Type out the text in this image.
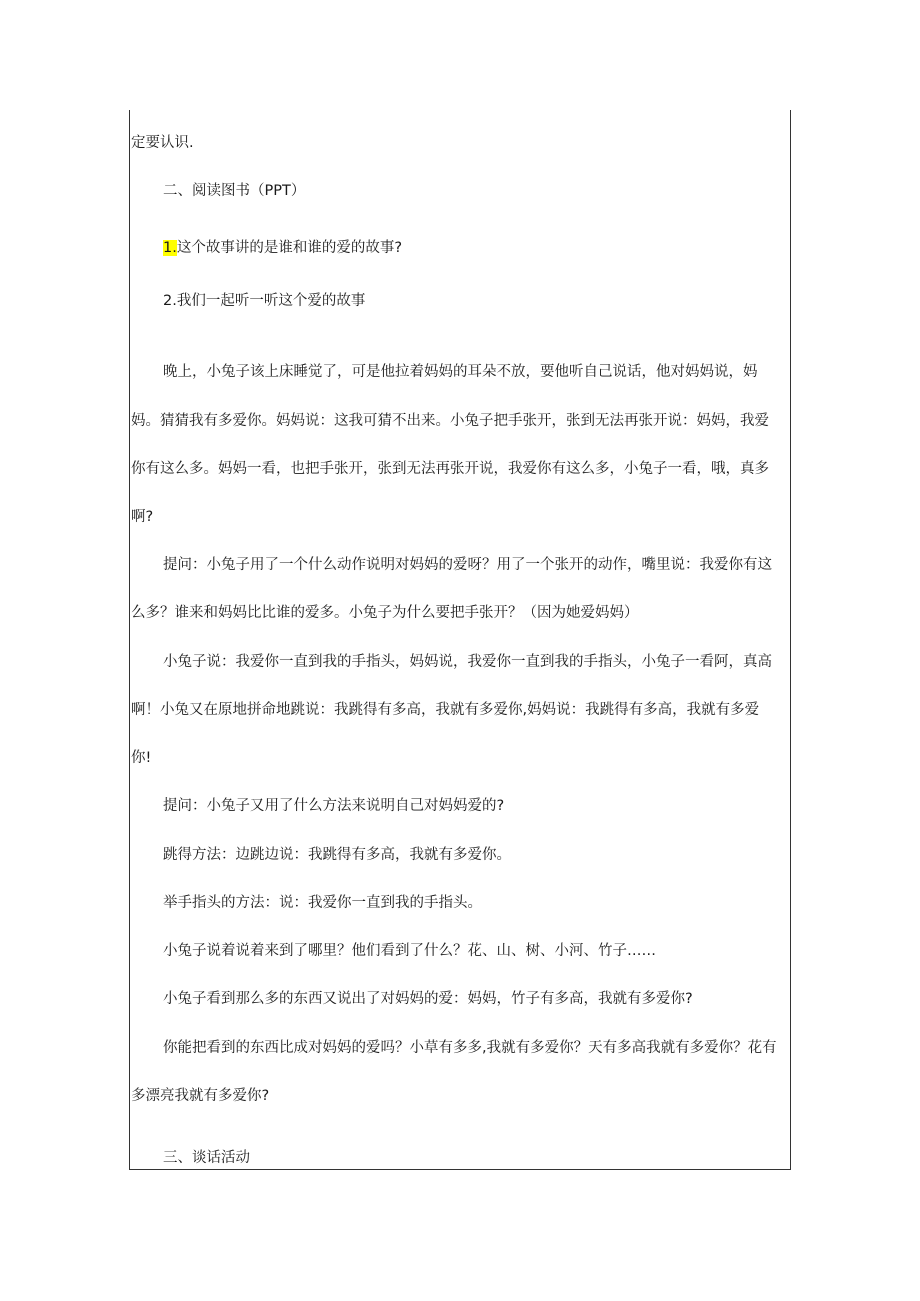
定要认识.
二、阅读图书（PPT）
1.这个故事讲的是谁和谁的爱的故事?
2.我们一起听一听这个爱的故事
晚上，小兔子该上床睡觉了，可是他拉着妈妈的耳朵不放，要他听自己说话，他对妈妈说，妈
妈。猜猜我有多爱你。妈妈说：这我可猜不出来。小兔子把手张开，张到无法再张开说：妈妈，我爱
你有这么多。妈妈一看，也把手张开，张到无法再张开说，我爱你有这么多，小兔子一看，哦，真多
啊?
提问：小兔子用了一个什么动作说明对妈妈的爱呀？用了一个张开的动作，嘴里说：我爱你有这
么多？谁来和妈妈比比谁的爱多。小兔子为什么要把手张开？（因为她爱妈妈）
小兔子说：我爱你一直到我的手指头，妈妈说，我爱你一直到我的手指头，小兔子一看阿，真高
啊！小兔又在原地拼命地跳说：我跳得有多高，我就有多爱你,妈妈说：我跳得有多高，我就有多爱
你!
提问：小兔子又用了什么方法来说明自己对妈妈爱的?
跳得方法：边跳边说：我跳得有多高，我就有多爱你。
举手指头的方法：说：我爱你一直到我的手指头。
小兔子说着说着来到了哪里？他们看到了什么？花、山、树、小河、竹子……
小兔子看到那么多的东西又说出了对妈妈的爱：妈妈，竹子有多高，我就有多爱你?
你能把看到的东西比成对妈妈的爱吗？小草有多多,我就有多爱你？天有多高我就有多爱你？花有
多漂亮我就有多爱你?
三、谈话活动
